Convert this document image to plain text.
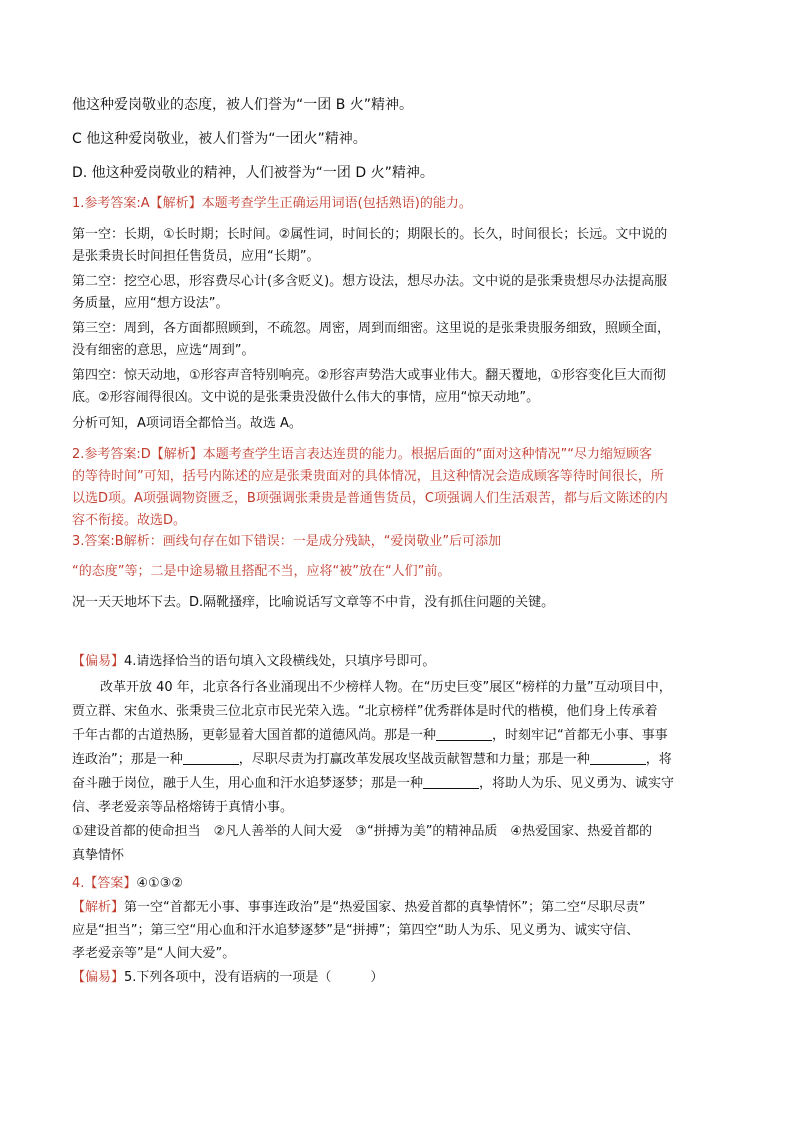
他这种爱岗敬业的态度，被人们誉为“一团 B 火”精神。

C 他这种爱岗敬业，被人们誉为“一团火”精神。

D. 他这种爱岗敬业的精神，人们被誉为“一团 D 火”精神。

1.参考答案:A【解析】本题考查学生正确运用词语(包括熟语)的能力。

第一空：长期，①长时期；长时间。②属性词，时间长的；期限长的。长久，时间很长；长远。文中说的
是张秉贵长时间担任售货员，应用“长期”。

第二空：挖空心思，形容费尽心计(多含贬义)。想方设法，想尽办法。文中说的是张秉贵想尽办法提高服
务质量，应用“想方设法”。

第三空：周到，各方面都照顾到，不疏忽。周密，周到而细密。这里说的是张秉贵服务细致，照顾全面，
没有细密的意思，应选“周到”。

第四空：惊天动地，①形容声音特别响亮。②形容声势浩大或事业伟大。翻天覆地，①形容变化巨大而彻
底。②形容闹得很凶。文中说的是张秉贵没做什么伟大的事情，应用“惊天动地”。

分析可知，A项词语全都恰当。故选 A。

2.参考答案:D【解析】本题考查学生语言表达连贯的能力。根据后面的“面对这种情况”“尽力缩短顾客
的等待时间”可知，括号内陈述的应是张秉贵面对的具体情况，且这种情况会造成顾客等待时间很长，所
以选D项。A项强调物资匮乏，B项强调张秉贵是普通售货员，C项强调人们生活艰苦，都与后文陈述的内
容不衔接。故选D。

3.答案:B解析：画线句存在如下错误：一是成分残缺，“爱岗敬业”后可添加

“的态度”等；二是中途易辙且搭配不当，应将“被”放在“人们”前。

况一天天地坏下去。D.隔靴搔痒，比喻说话写文章等不中肯，没有抓住问题的关键。

【偏易】4.请选择恰当的语句填入文段横线处，只填序号即可。

改革开放 40 年，北京各行各业涌现出不少榜样人物。在“历史巨变”展区“榜样的力量”互动项目中，
贾立群、宋鱼水、张秉贵三位北京市民光荣入选。“北京榜样”优秀群体是时代的楷模，他们身上传承着
千年古都的古道热肠，更彰显着大国首都的道德风尚。那是一种	，时刻牢记“首都无小事、事事
连政治”；那是一种	，尽职尽责为打赢改革发展攻坚战贡献智慧和力量；那是一种	，将
奋斗融于岗位，融于人生，用心血和汗水追梦逐梦；那是一种	，将助人为乐、见义勇为、诚实守
信、孝老爱亲等品格熔铸于真情小事。
①建设首都的使命担当　②凡人善举的人间大爱　③“拼搏为美”的精神品质　④热爱国家、热爱首都的
真挚情怀

4.【答案】④①③②

【解析】第一空“首都无小事、事事连政治”是“热爱国家、热爱首都的真挚情怀”；第二空“尽职尽责”
应是“担当”；第三空“用心血和汗水追梦逐梦”是“拼搏”；第四空“助人为乐、见义勇为、诚实守信、
孝老爱亲等”是“人间大爱”。

【偏易】5.下列各项中，没有语病的一项是（　　　）
